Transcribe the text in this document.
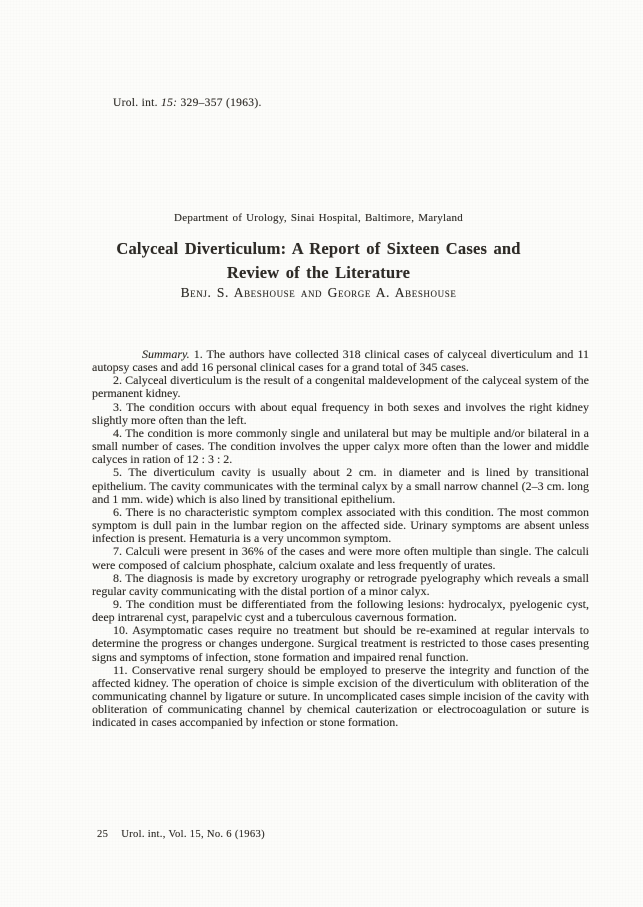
Urol. int. 15: 329–357 (1963).
Department of Urology, Sinai Hospital, Baltimore, Maryland
Calyceal Diverticulum: A Report of Sixteen Cases and
Review of the Literature
Benj. S. Abeshouse and George A. Abeshouse

Summary. 1. The authors have collected 318 clinical cases of calyceal diverticulum and 11 autopsy cases and add 16 personal clinical cases for a grand total of 345 cases.

2. Calyceal diverticulum is the result of a congenital maldevelopment of the calyceal system of the permanent kidney.

3. The condition occurs with about equal frequency in both sexes and involves the right kidney slightly more often than the left.

4. The condition is more commonly single and unilateral but may be multiple and/or bilateral in a small number of cases. The condition involves the upper calyx more often than the lower and middle calyces in ration of 12 : 3 : 2.

5. The diverticulum cavity is usually about 2 cm. in diameter and is lined by transitional epithelium. The cavity communicates with the terminal calyx by a small narrow channel (2–3 cm. long and 1 mm. wide) which is also lined by transitional epithelium.

6. There is no characteristic symptom complex associated with this condition. The most common symptom is dull pain in the lumbar region on the affected side. Urinary symptoms are absent unless infection is present. Hematuria is a very uncommon symptom.

7. Calculi were present in 36% of the cases and were more often multiple than single. The calculi were composed of calcium phosphate, calcium oxalate and less frequently of urates.

8. The diagnosis is made by excretory urography or retrograde pyelography which reveals a small regular cavity communicating with the distal portion of a minor calyx.

9. The condition must be differentiated from the following lesions: hydrocalyx, pyelogenic cyst, deep intrarenal cyst, parapelvic cyst and a tuberculous cavernous formation.

10. Asymptomatic cases require no treatment but should be re-examined at regular intervals to determine the progress or changes undergone. Surgical treatment is restricted to those cases presenting signs and symptoms of infection, stone formation and impaired renal function.

11. Conservative renal surgery should be employed to preserve the integrity and function of the affected kidney. The operation of choice is simple excision of the diverticulum with obliteration of the communicating channel by ligature or suture. In uncomplicated cases simple incision of the cavity with obliteration of communicating channel by chemical cauterization or electrocoagulation or suture is indicated in cases accompanied by infection or stone formation.

25 Urol. int., Vol. 15, No. 6 (1963)
